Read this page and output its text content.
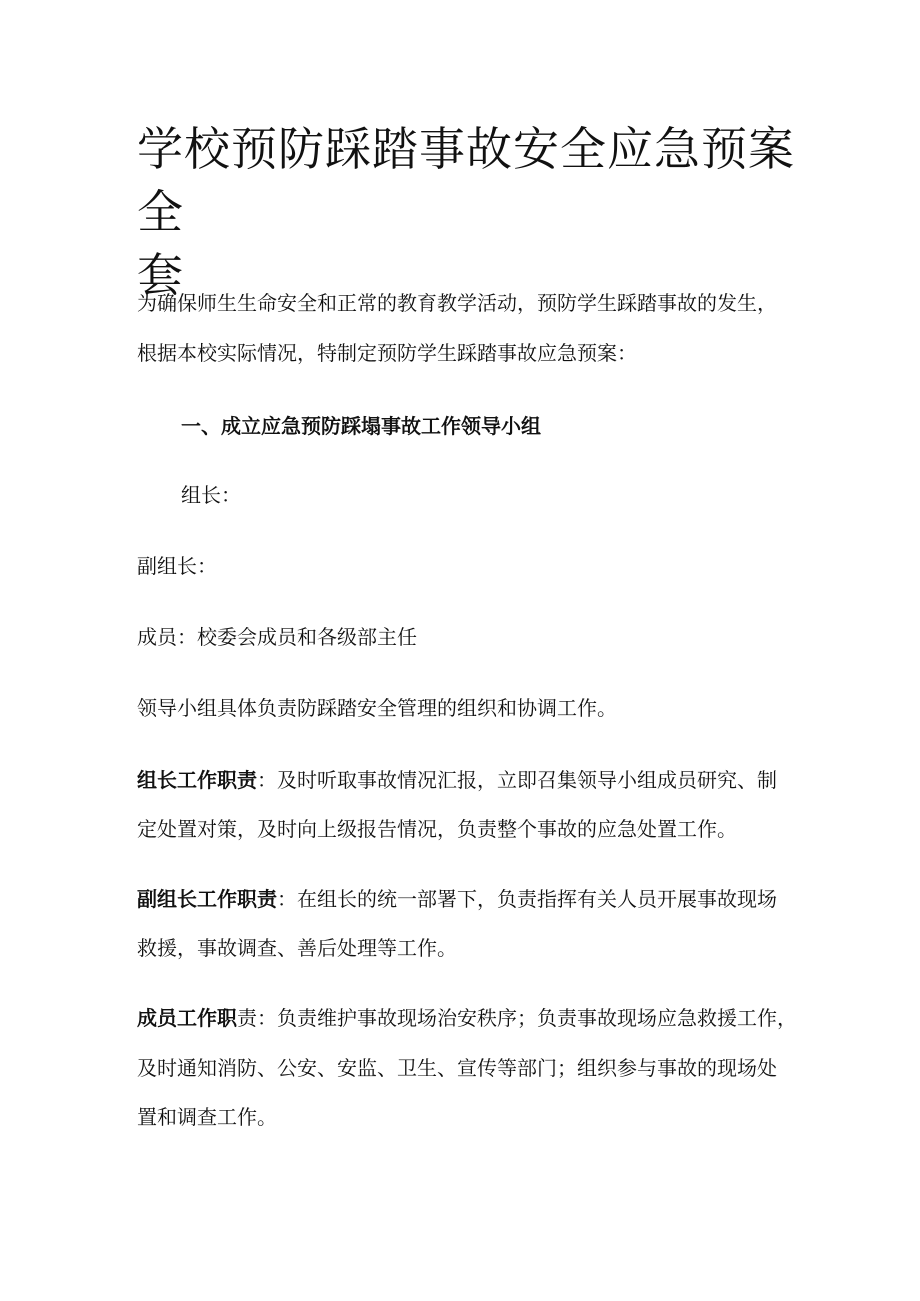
学校预防踩踏事故安全应急预案全
套
为确保师生生命安全和正常的教育教学活动，预防学生踩踏事故的发生，
根据本校实际情况，特制定预防学生踩踏事故应急预案：
一、成立应急预防踩塌事故工作领导小组
组长：
副组长：
成员：校委会成员和各级部主任
领导小组具体负责防踩踏安全管理的组织和协调工作。
组长工作职责：及时听取事故情况汇报，立即召集领导小组成员研究、制
定处置对策，及时向上级报告情况，负责整个事故的应急处置工作。
副组长工作职责：在组长的统一部署下，负责指挥有关人员开展事故现场
救援，事故调查、善后处理等工作。
成员工作职责：负责维护事故现场治安秩序；负责事故现场应急救援工作，
及时通知消防、公安、安监、卫生、宣传等部门；组织参与事故的现场处
置和调查工作。
